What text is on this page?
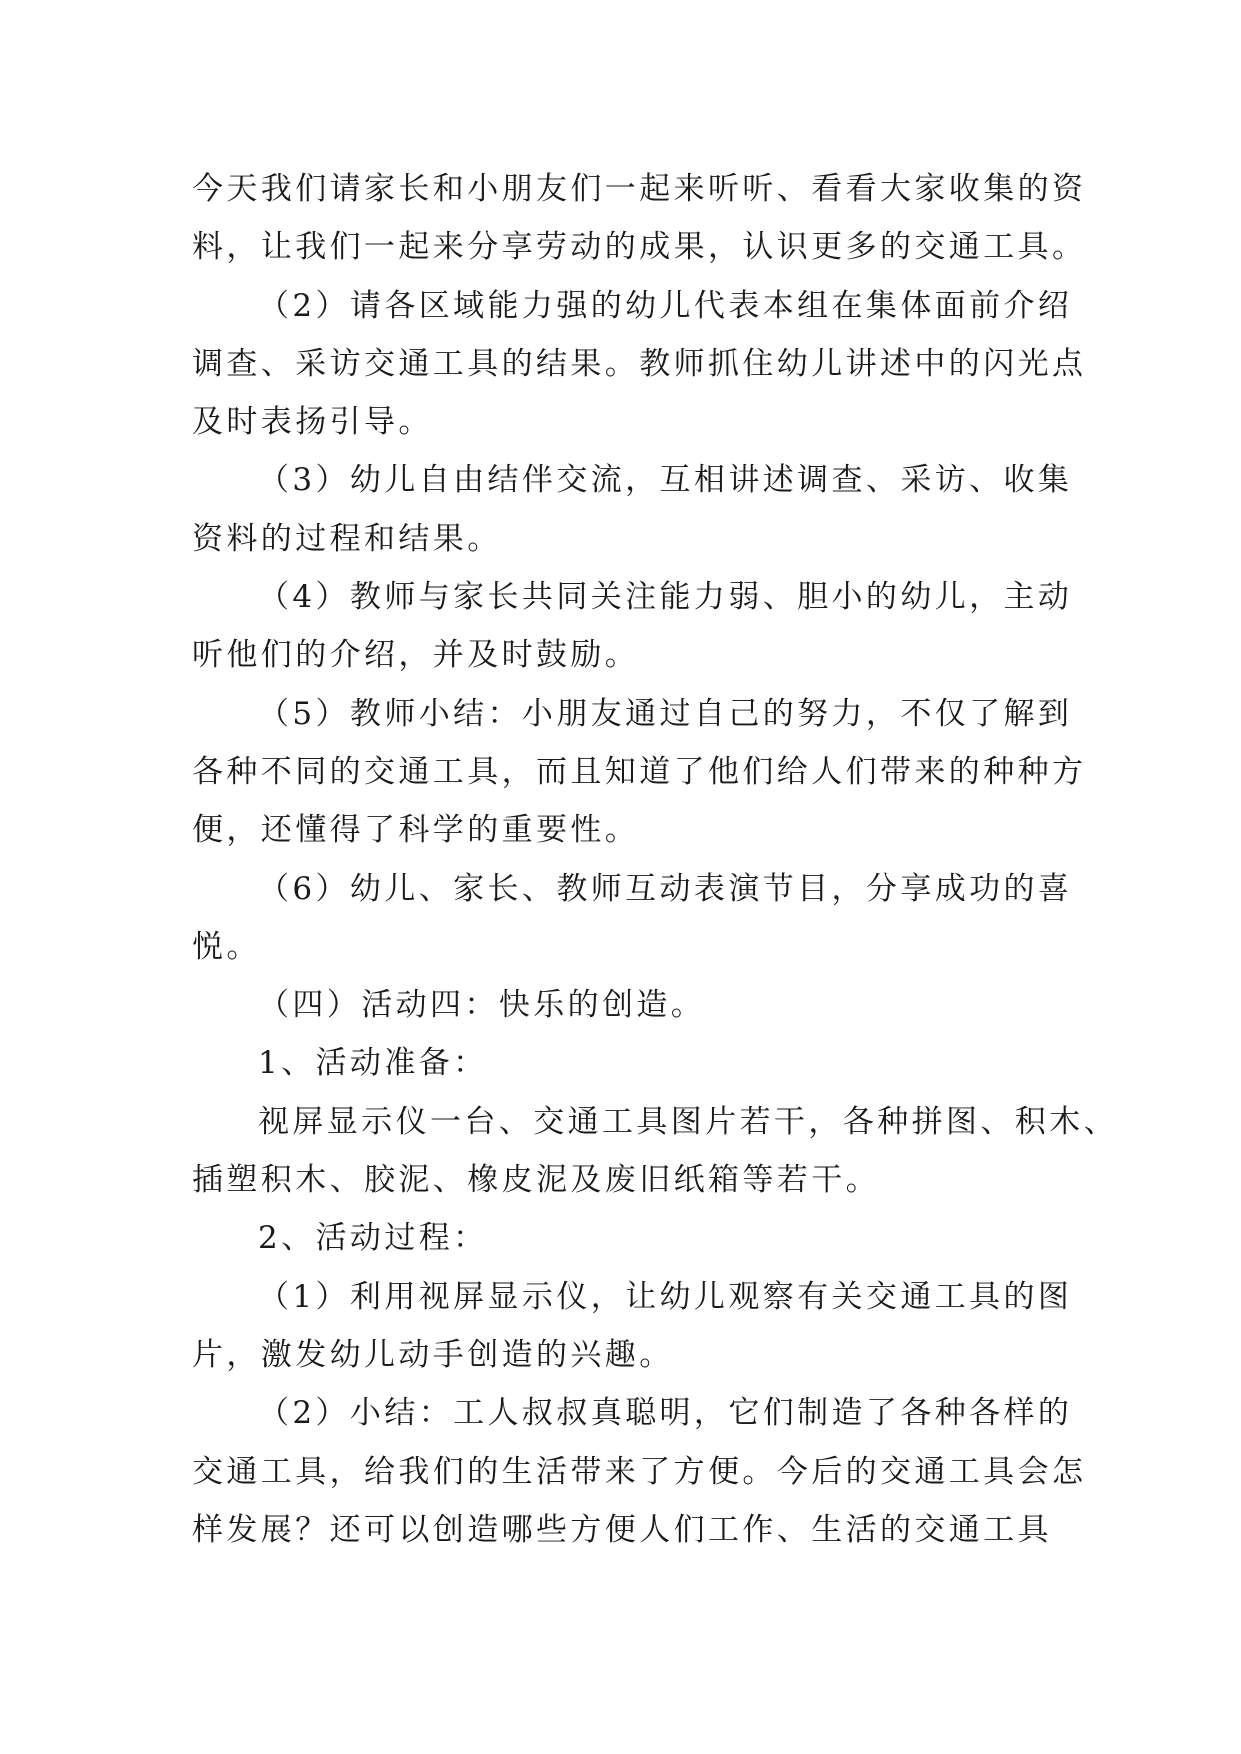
今天我们请家长和小朋友们一起来听听、看看大家收集的资
料，让我们一起来分享劳动的成果，认识更多的交通工具。
（2）请各区域能力强的幼儿代表本组在集体面前介绍
调查、采访交通工具的结果。教师抓住幼儿讲述中的闪光点
及时表扬引导。
（3）幼儿自由结伴交流，互相讲述调查、采访、收集
资料的过程和结果。
（4）教师与家长共同关注能力弱、胆小的幼儿，主动
听他们的介绍，并及时鼓励。
（5）教师小结：小朋友通过自己的努力，不仅了解到
各种不同的交通工具，而且知道了他们给人们带来的种种方
便，还懂得了科学的重要性。
（6）幼儿、家长、教师互动表演节目，分享成功的喜
悦。
（四）活动四：快乐的创造。
1、活动准备：
视屏显示仪一台、交通工具图片若干，各种拼图、积木、
插塑积木、胶泥、橡皮泥及废旧纸箱等若干。
2、活动过程：
（1）利用视屏显示仪，让幼儿观察有关交通工具的图
片，激发幼儿动手创造的兴趣。
（2）小结：工人叔叔真聪明，它们制造了各种各样的
交通工具，给我们的生活带来了方便。今后的交通工具会怎
样发展？还可以创造哪些方便人们工作、生活的交通工具
